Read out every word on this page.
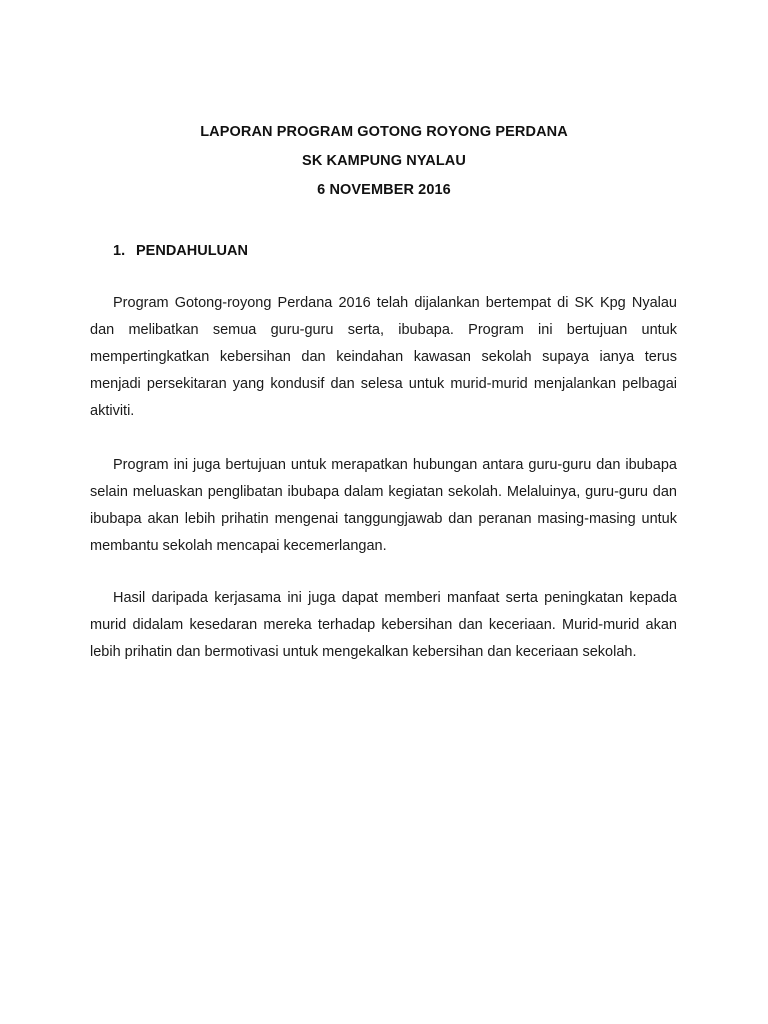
LAPORAN PROGRAM GOTONG ROYONG PERDANA

SK KAMPUNG NYALAU

6 NOVEMBER 2016

1. PENDAHULUAN

Program Gotong-royong Perdana 2016 telah dijalankan bertempat di SK Kpg Nyalau dan melibatkan semua guru-guru serta, ibubapa. Program ini bertujuan untuk mempertingkatkan kebersihan dan keindahan kawasan sekolah supaya ianya terus menjadi persekitaran yang kondusif dan selesa untuk murid-murid menjalankan pelbagai aktiviti.

Program ini juga bertujuan untuk merapatkan hubungan antara guru-guru dan ibubapa selain meluaskan penglibatan ibubapa dalam kegiatan sekolah. Melaluinya, guru-guru dan ibubapa akan lebih prihatin mengenai tanggungjawab dan peranan masing-masing untuk membantu sekolah mencapai kecemerlangan.

Hasil daripada kerjasama ini juga dapat memberi manfaat serta peningkatan kepada murid didalam kesedaran mereka terhadap kebersihan dan keceriaan. Murid-murid akan lebih prihatin dan bermotivasi untuk mengekalkan kebersihan dan keceriaan sekolah.
